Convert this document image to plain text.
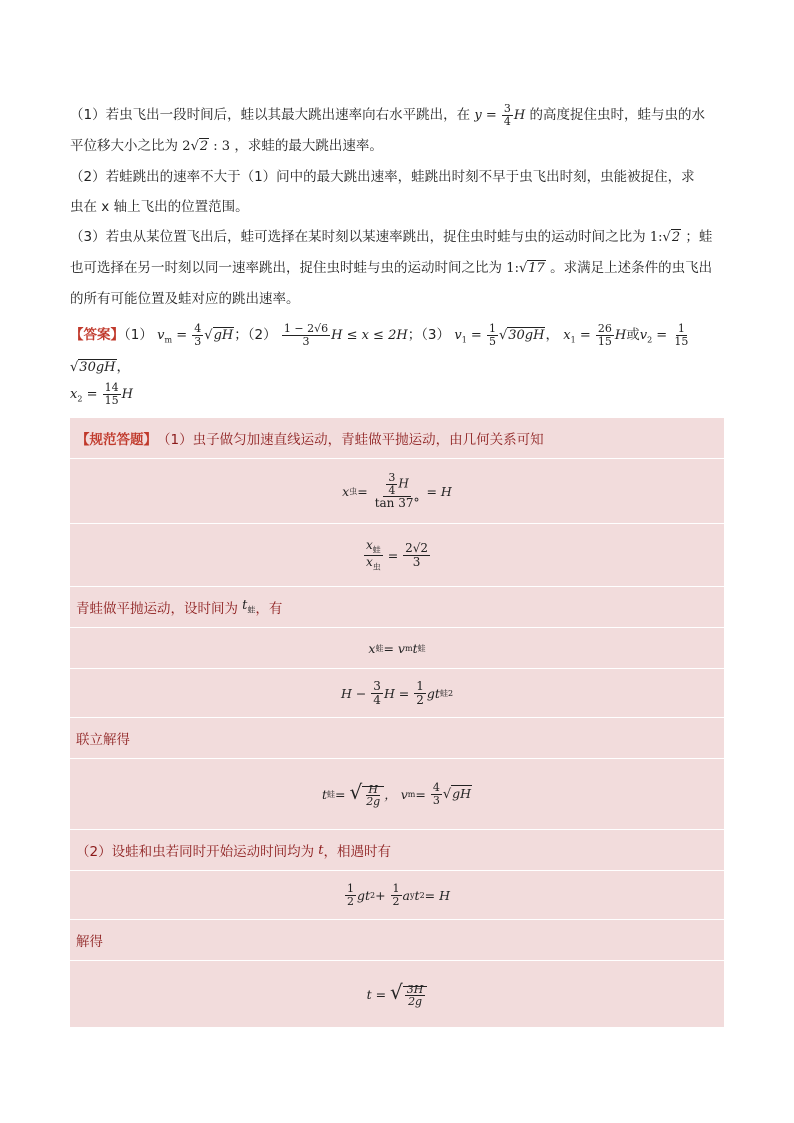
（1）若虫飞出一段时间后，蛙以其最大跳出速率向右水平跳出，在 $y = \frac{3}{4}$ H 的高度捉住虫时，蛙与虫的水

平位移大小之比为 2√2 : 3 ，求蛙的最大跳出速率。

（2）若蛙跳出的速率不大于（1）问中的最大跳出速率，蛙跳出时刻不早于虫飞出时刻，虫能被捉住，求

虫在 x 轴上飞出的位置范围。

（3）若虫从某位置飞出后，蛙可选择在某时刻以某速率跳出，捉住虫时蛙与虫的运动时间之比为 1:√2 ；蛙

也可选择在另一时刻以同一速率跳出，捉住虫时蛙与虫的运动时间之比为 1:√17 。求满足上述条件的虫飞出

的所有可能位置及蛙对应的跳出速率。

【答案】（1） $v_m = \frac{4}{3} √gH$；$(2) \frac{1 - 2√6}{3}$ H ≤ x ≤ 2H；（3） $v_1 = \frac{1}{5} √30gH$， $x_1 = \frac{26}{15}$ H或$v_2 = \frac{1}{15}$
√30gH，
$x_2 = \frac{14}{15}$ H
【规范答题】 （1）虫子做匀加速直线运动，青蛙做平抛运动，由几何关系可知
x 虫 = $\frac{\frac{3}{4} H}{\tan 37^\circ} = H$
$\frac{x_蛙}{x_虫} = \frac{2√2}{3}$
青蛙做平抛运动，设时间为 $t_蛙$ ，有
x 蛙 = v m t 蛙
$H - \frac{3}{4}$ $H = \frac{1}{2}$ gt 蛙 2
联立解得
t 蛙 = √ $\frac{H}{2g}$ ， v $m = \frac{4}{3} √gH$
（2）设蛙和虫若同时开始运动时间均为 t ，相遇时有
$\frac{1}{2}$ gt $2 + \frac{1}{2}$ a y t 2 = H
解得
t = √ $\frac{3H}{2g}$
